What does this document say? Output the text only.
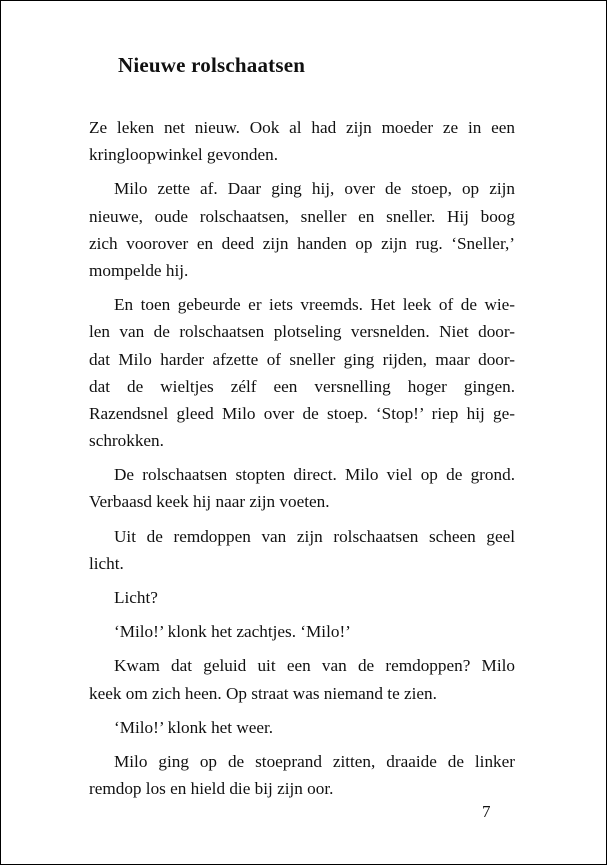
Nieuwe rolschaatsen
Ze leken net nieuw. Ook al had zijn moeder ze in een
kringloopwinkel gevonden.
Milo zette af. Daar ging hij, over de stoep, op zijn
nieuwe, oude rolschaatsen, sneller en sneller. Hij boog
zich voorover en deed zijn handen op zijn rug. ‘Sneller,’
mompelde hij.
En toen gebeurde er iets vreemds. Het leek of de wie-
len van de rolschaatsen plotseling versnelden. Niet door-
dat Milo harder afzette of sneller ging rijden, maar door-
dat de wieltjes zélf een versnelling hoger gingen.
Razendsnel gleed Milo over de stoep. ‘Stop!’ riep hij ge-
schrokken.
De rolschaatsen stopten direct. Milo viel op de grond.
Verbaasd keek hij naar zijn voeten.
Uit de remdoppen van zijn rolschaatsen scheen geel
licht.
Licht?
‘Milo!’ klonk het zachtjes. ‘Milo!’
Kwam dat geluid uit een van de remdoppen? Milo
keek om zich heen. Op straat was niemand te zien.
‘Milo!’ klonk het weer.
Milo ging op de stoeprand zitten, draaide de linker
remdop los en hield die bij zijn oor.
7
